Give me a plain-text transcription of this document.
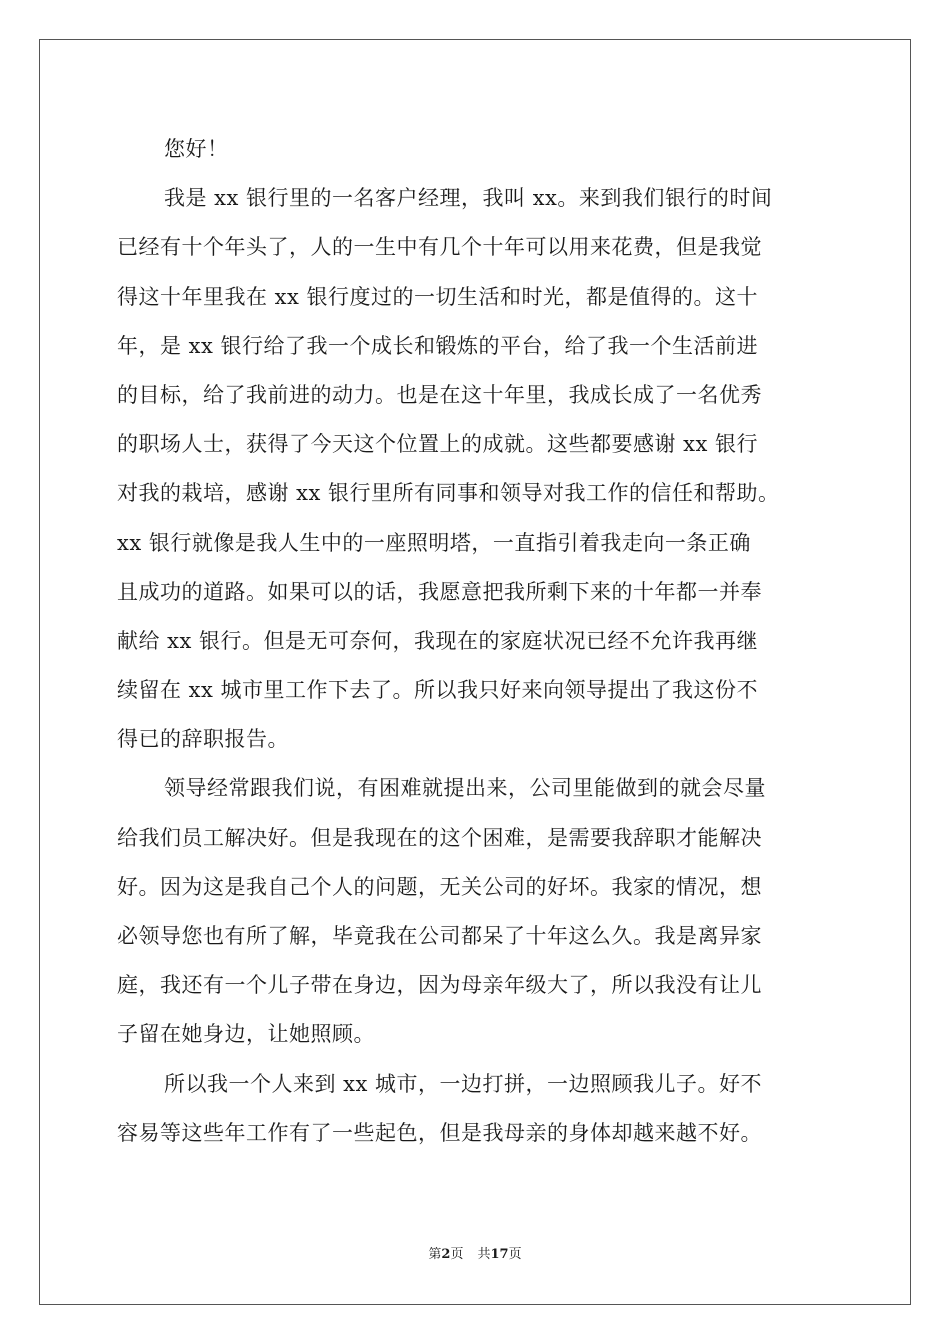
您好！
我是 xx 银行里的一名客户经理，我叫 xx。来到我们银行的时间
已经有十个年头了，人的一生中有几个十年可以用来花费，但是我觉
得这十年里我在 xx 银行度过的一切生活和时光，都是值得的。这十
年，是 xx 银行给了我一个成长和锻炼的平台，给了我一个生活前进
的目标，给了我前进的动力。也是在这十年里，我成长成了一名优秀
的职场人士，获得了今天这个位置上的成就。这些都要感谢 xx 银行
对我的栽培，感谢 xx 银行里所有同事和领导对我工作的信任和帮助。
xx 银行就像是我人生中的一座照明塔，一直指引着我走向一条正确
且成功的道路。如果可以的话，我愿意把我所剩下来的十年都一并奉
献给 xx 银行。但是无可奈何，我现在的家庭状况已经不允许我再继
续留在 xx 城市里工作下去了。所以我只好来向领导提出了我这份不
得已的辞职报告。
领导经常跟我们说，有困难就提出来，公司里能做到的就会尽量
给我们员工解决好。但是我现在的这个困难，是需要我辞职才能解决
好。因为这是我自己个人的问题，无关公司的好坏。我家的情况，想
必领导您也有所了解，毕竟我在公司都呆了十年这么久。我是离异家
庭，我还有一个儿子带在身边，因为母亲年级大了，所以我没有让儿
子留在她身边，让她照顾。
所以我一个人来到 xx 城市，一边打拼，一边照顾我儿子。好不
容易等这些年工作有了一些起色，但是我母亲的身体却越来越不好。
第2页 共17页
